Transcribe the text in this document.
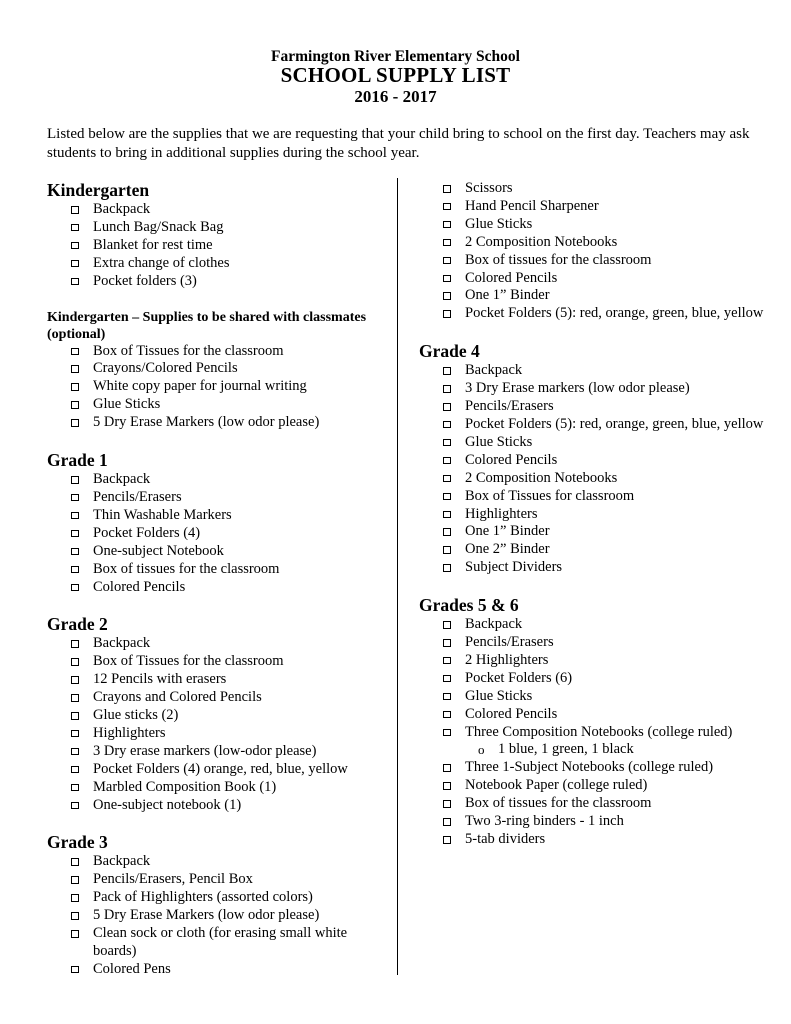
Farmington River Elementary School

SCHOOL SUPPLY LIST

2016 - 2017

Listed below are the supplies that we are requesting that your child bring to school on the first day. Teachers may ask students to bring in additional supplies during the school year.

Kindergarten
Backpack
Lunch Bag/Snack Bag
Blanket for rest time
Extra change of clothes
Pocket folders (3)
Kindergarten – Supplies to be shared with classmates (optional)
Box of Tissues for the classroom
Crayons/Colored Pencils
White copy paper for journal writing
Glue Sticks
5 Dry Erase Markers (low odor please)
Grade 1
Backpack
Pencils/Erasers
Thin Washable Markers
Pocket Folders (4)
One-subject Notebook
Box of tissues for the classroom
Colored Pencils
Grade 2
Backpack
Box of Tissues for the classroom
12 Pencils with erasers
Crayons and Colored Pencils
Glue sticks (2)
Highlighters
3 Dry erase markers (low-odor please)
Pocket Folders (4) orange, red, blue, yellow
Marbled Composition Book (1)
One-subject notebook (1)
Grade 3
Backpack
Pencils/Erasers, Pencil Box
Pack of Highlighters (assorted colors)
5 Dry Erase Markers (low odor please)
Clean sock or cloth (for erasing small white boards)
Colored Pens
Scissors
Hand Pencil Sharpener
Glue Sticks
2 Composition Notebooks
Box of tissues for the classroom
Colored Pencils
One 1” Binder
Pocket Folders (5): red, orange, green, blue, yellow
Grade 4
Backpack
3 Dry Erase markers (low odor please)
Pencils/Erasers
Pocket Folders (5): red, orange, green, blue, yellow
Glue Sticks
Colored Pencils
2 Composition Notebooks
Box of Tissues for classroom
Highlighters
One 1” Binder
One 2” Binder
Subject Dividers
Grades 5 & 6
Backpack
Pencils/Erasers
2 Highlighters
Pocket Folders (6)
Glue Sticks
Colored Pencils
Three Composition Notebooks (college ruled)
o 1 blue, 1 green, 1 black
Three 1-Subject Notebooks (college ruled)
Notebook Paper (college ruled)
Box of tissues for the classroom
Two 3-ring binders - 1 inch
5-tab dividers
